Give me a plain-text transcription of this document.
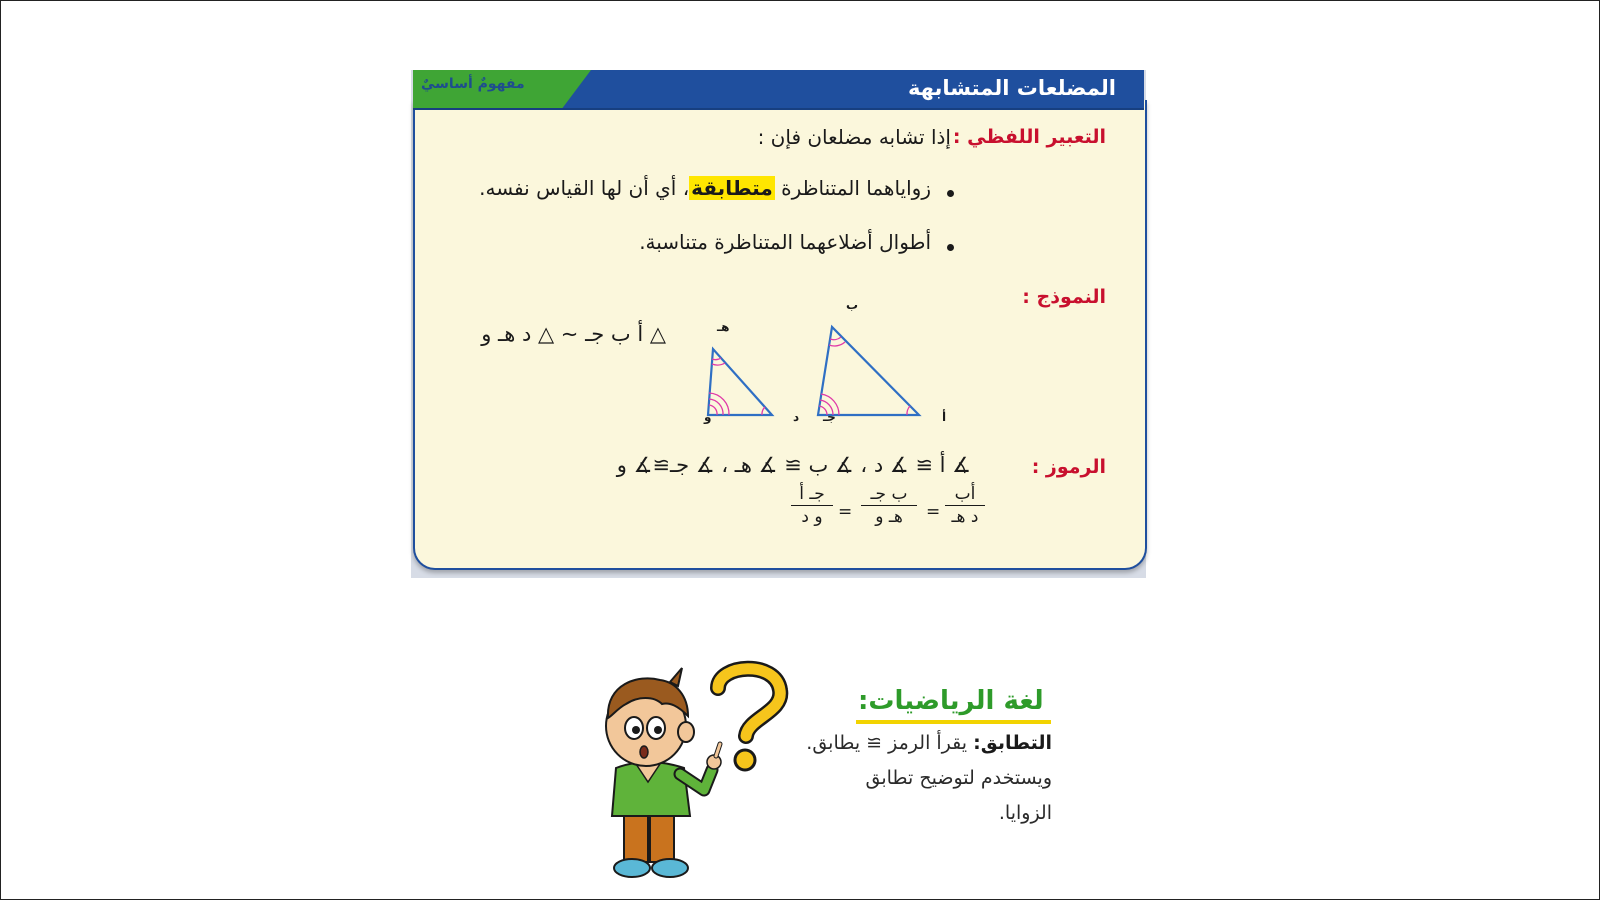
المضلعات المتشابهة
مفهومٌ أساسيٌ
التعبير اللفظي :
إذا تشابه مضلعان فإن :
زواياهما المتناظرة متطابقة، أي أن لها القياس نفسه.
أطوال أضلاعهما المتناظرة متناسبة.
النموذج :
و
هـ
د جـ
ب
أ
△ أ ب جـ ∽ △ د هـ و
الرموز :
∡ أ ≅ ∡ د ، ∡ ب ≅ ∡ هـ ، ∡ جـ≅∡ و
أب
د هـ
=
ب جـ
هـ و
=
جـ أ
و د
لغة الرياضيات:
التطابق: يقرأ الرمز ≅ يطابق.
ويستخدم لتوضيح تطابق
الزوايا.
